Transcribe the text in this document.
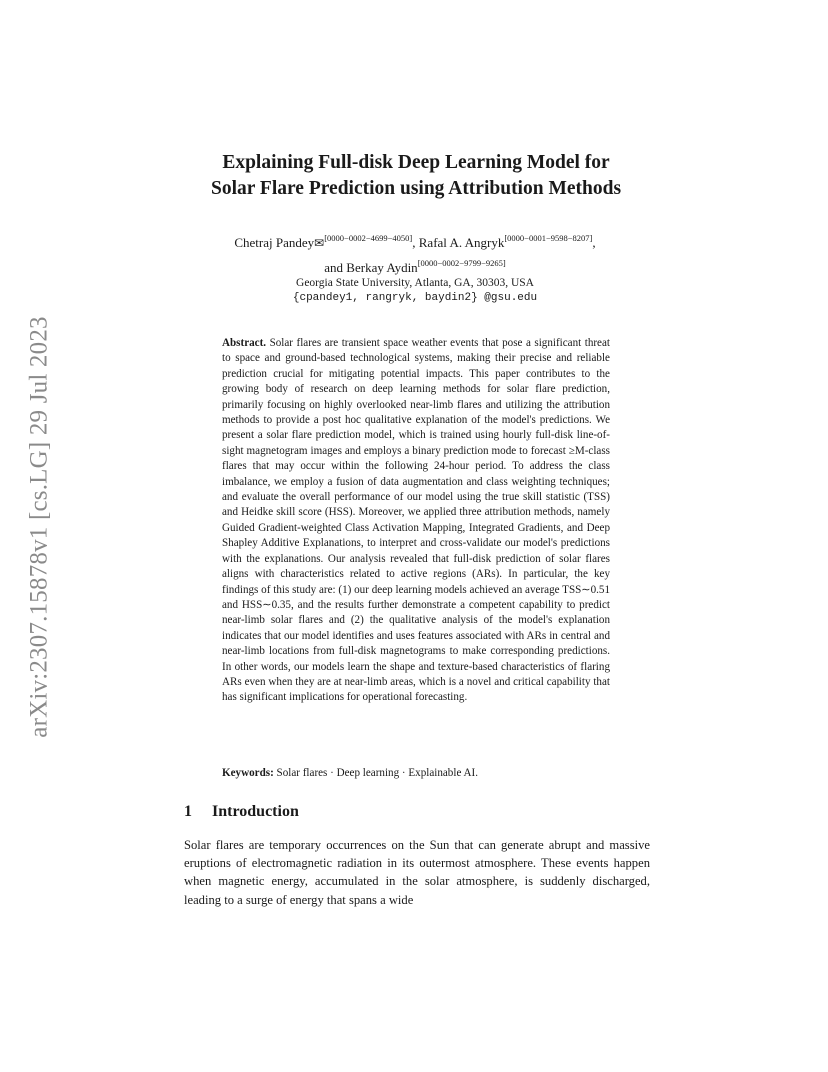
arXiv:2307.15878v1 [cs.LG] 29 Jul 2023
Explaining Full-disk Deep Learning Model for
Solar Flare Prediction using Attribution Methods
Chetraj Pandey✉[0000−0002−4699−4050], Rafal A. Angryk[0000−0001−9598−8207],
and Berkay Aydin[0000−0002−9799−9265]
Georgia State University, Atlanta, GA, 30303, USA
{cpandey1, rangryk, baydin2} @gsu.edu
Abstract. Solar flares are transient space weather events that pose a significant threat to space and ground-based technological systems, making their precise and reliable prediction crucial for mitigating potential impacts. This paper contributes to the growing body of research on deep learning methods for solar flare prediction, primarily focusing on highly overlooked near-limb flares and utilizing the attribution methods to provide a post hoc qualitative explanation of the model's predictions. We present a solar flare prediction model, which is trained using hourly full-disk line-of-sight magnetogram images and employs a binary prediction mode to forecast ≥M-class flares that may occur within the following 24-hour period. To address the class imbalance, we employ a fusion of data augmentation and class weighting techniques; and evaluate the overall performance of our model using the true skill statistic (TSS) and Heidke skill score (HSS). Moreover, we applied three attribution methods, namely Guided Gradient-weighted Class Activation Mapping, Integrated Gradients, and Deep Shapley Additive Explanations, to interpret and cross-validate our model's predictions with the explanations. Our analysis revealed that full-disk prediction of solar flares aligns with characteristics related to active regions (ARs). In particular, the key findings of this study are: (1) our deep learning models achieved an average TSS∼0.51 and HSS∼0.35, and the results further demonstrate a competent capability to predict near-limb solar flares and (2) the qualitative analysis of the model's explanation indicates that our model identifies and uses features associated with ARs in central and near-limb locations from full-disk magnetograms to make corresponding predictions. In other words, our models learn the shape and texture-based characteristics of flaring ARs even when they are at near-limb areas, which is a novel and critical capability that has significant implications for operational forecasting.
Keywords: Solar flares · Deep learning · Explainable AI.
1 Introduction
Solar flares are temporary occurrences on the Sun that can generate abrupt and massive eruptions of electromagnetic radiation in its outermost atmosphere. These events happen when magnetic energy, accumulated in the solar atmosphere, is suddenly discharged, leading to a surge of energy that spans a wide
